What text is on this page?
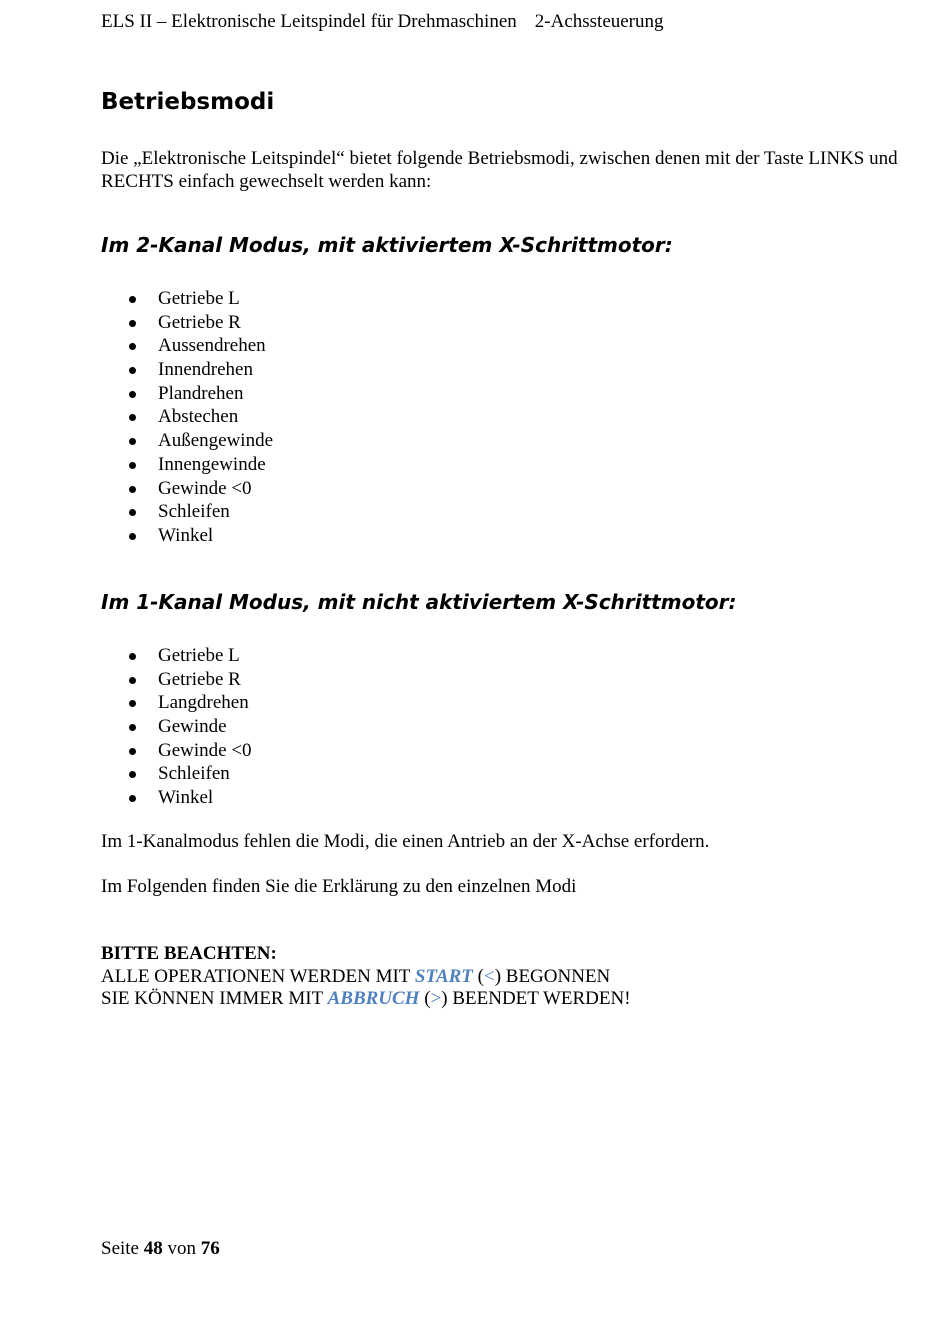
ELS II – Elektronische Leitspindel für Drehmaschinen 2-Achssteuerung
Betriebsmodi
Die „Elektronische Leitspindel“ bietet folgende Betriebsmodi, zwischen denen mit der Taste LINKS und RECHTS einfach gewechselt werden kann:
Im 2-Kanal Modus, mit aktiviertem X-Schrittmotor:
Getriebe L
Getriebe R
Aussendrehen
Innendrehen
Plandrehen
Abstechen
Außengewinde
Innengewinde
Gewinde <0
Schleifen
Winkel
Im 1-Kanal Modus, mit nicht aktiviertem X-Schrittmotor:
Getriebe L
Getriebe R
Langdrehen
Gewinde
Gewinde <0
Schleifen
Winkel
Im 1-Kanalmodus fehlen die Modi, die einen Antrieb an der X-Achse erfordern.
Im Folgenden finden Sie die Erklärung zu den einzelnen Modi
BITTE BEACHTEN:
ALLE OPERATIONEN WERDEN MIT START (<) BEGONNEN
SIE KÖNNEN IMMER MIT ABBRUCH (>) BEENDET WERDEN!
Seite 48 von 76
